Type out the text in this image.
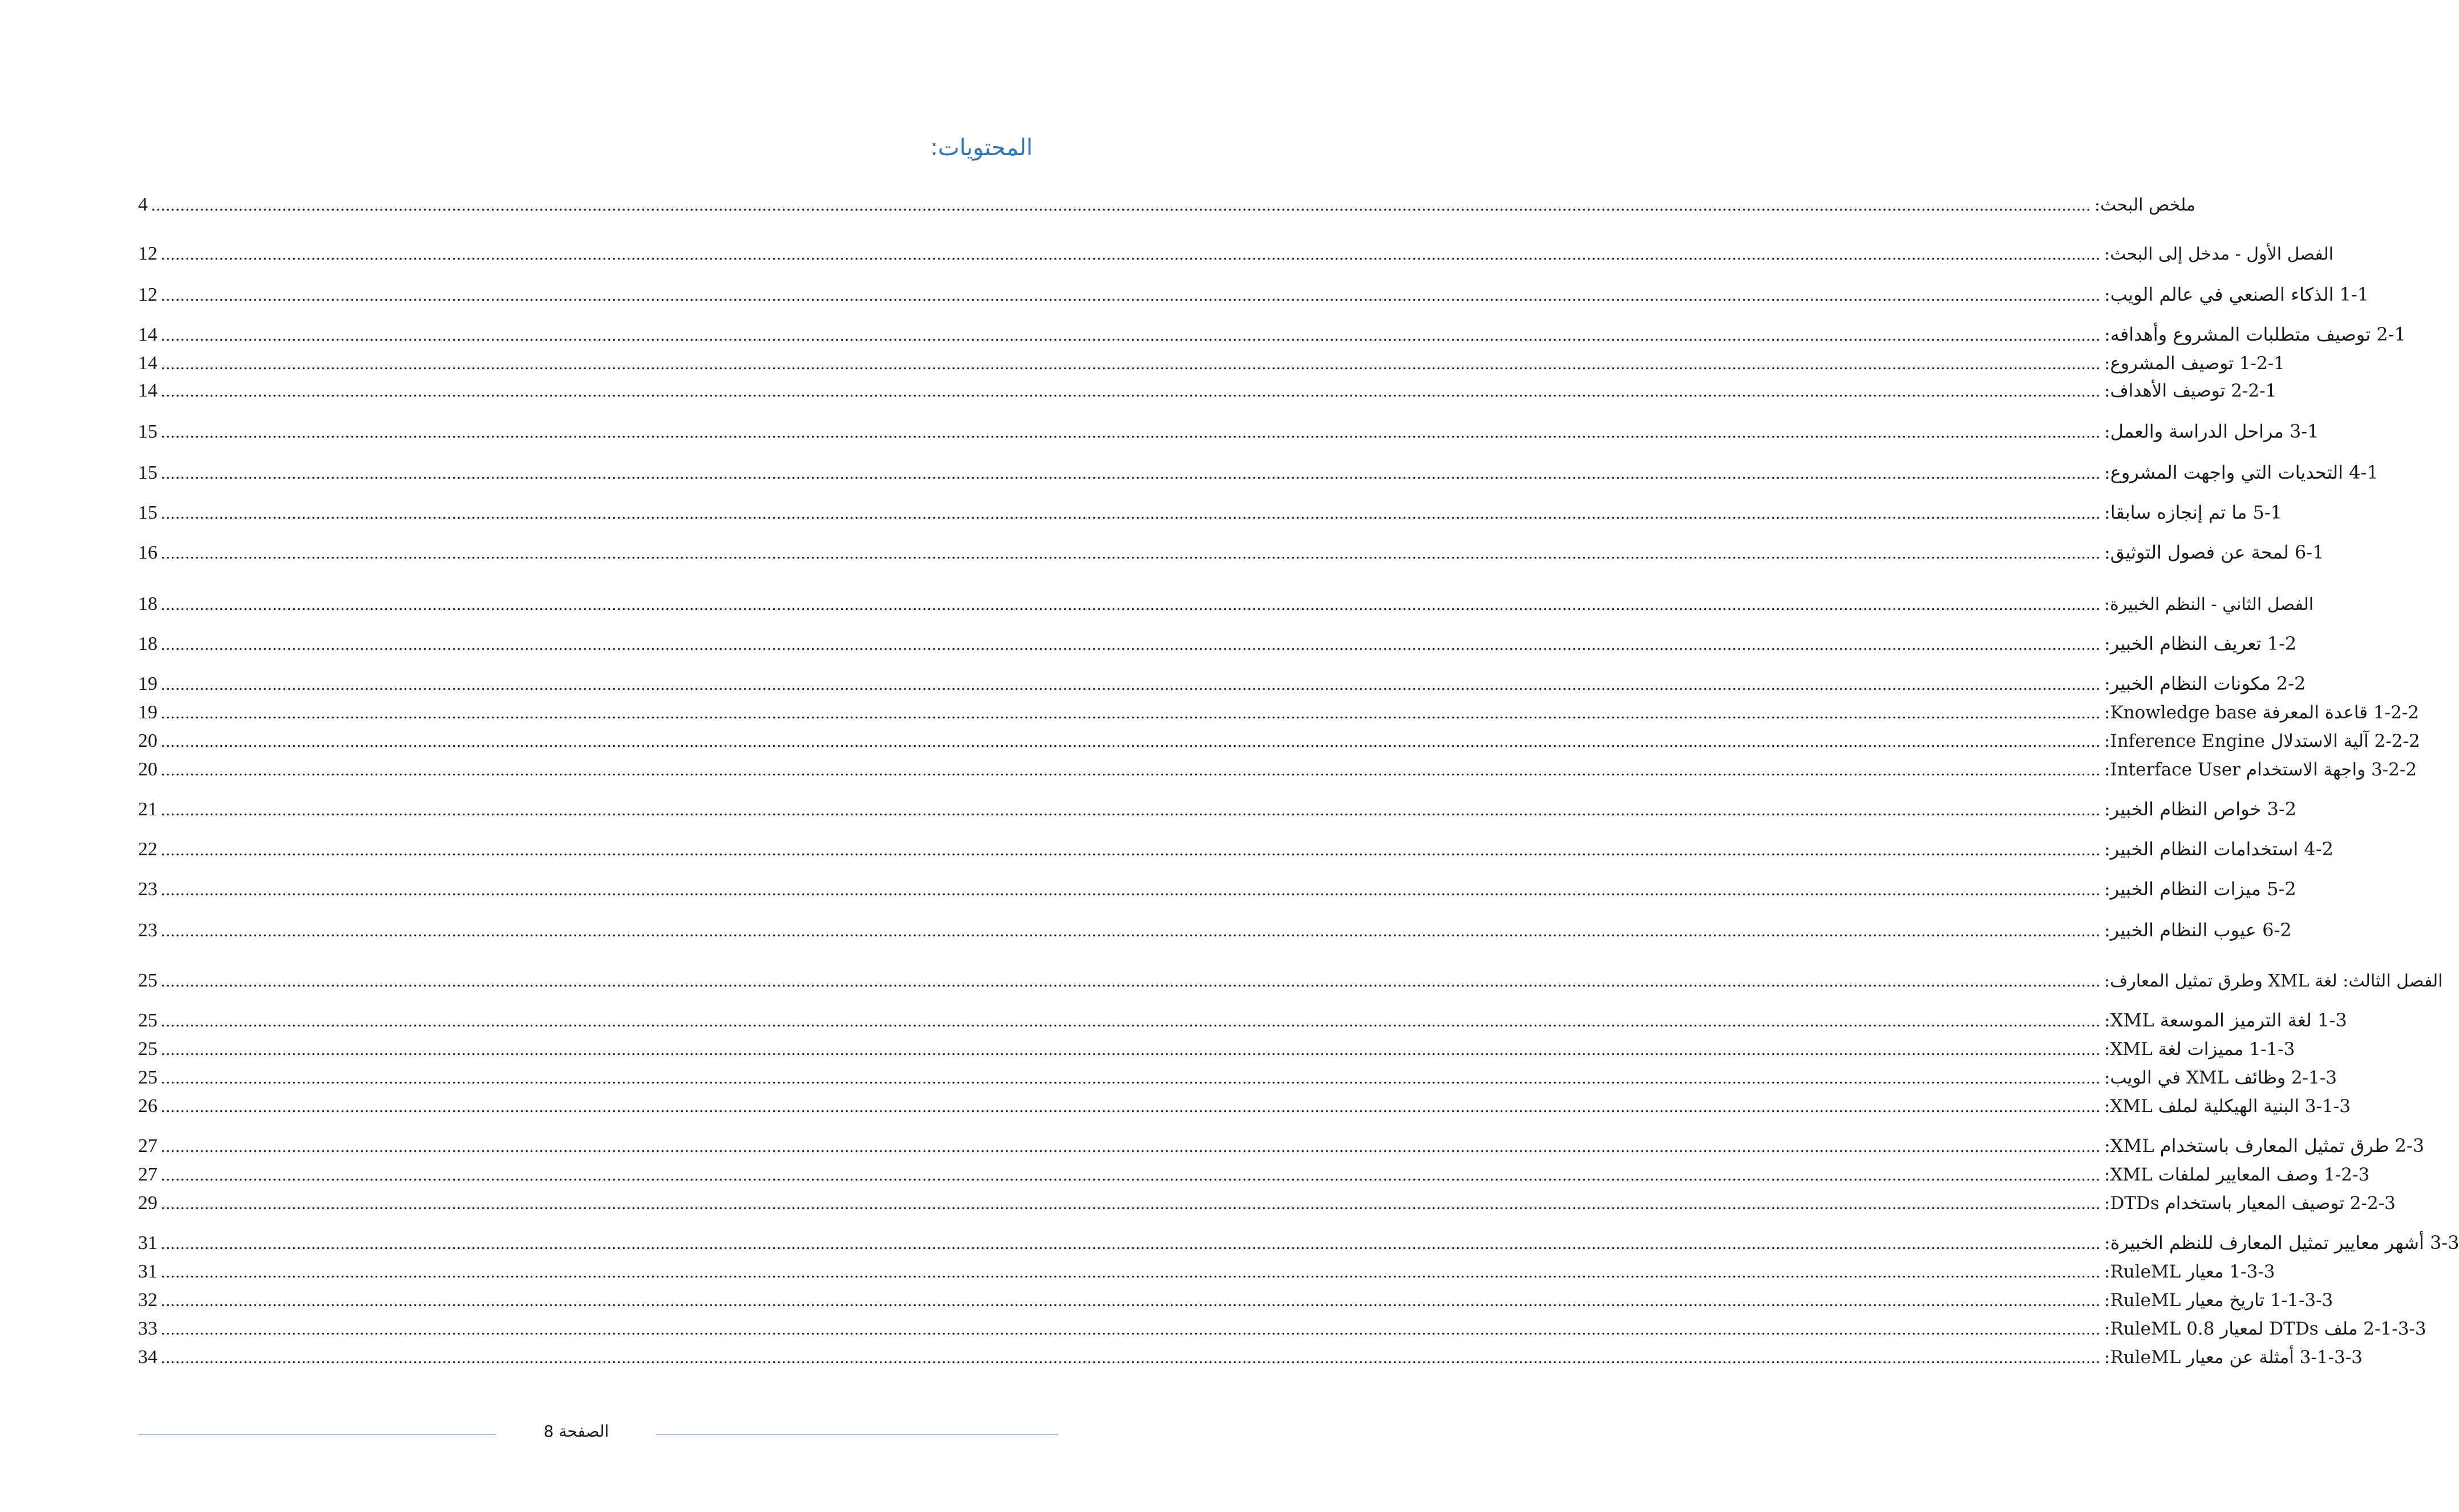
المحتويات:
4 ................................................................................................................................................................................................................................................................................................................................................................................................................ ملخص البحث:
12 ................................................................................................................................................................................................................................................................................................................................................................................................................ الفصل الأول - مدخل إلى البحث:
12 ................................................................................................................................................................................................................................................................................................................................................................................................................ 1-1 الذكاء الصنعي في عالم الويب:
14 ................................................................................................................................................................................................................................................................................................................................................................................................................ 2-1 توصيف متطلبات المشروع وأهدافه:
14 ................................................................................................................................................................................................................................................................................................................................................................................................................ 1-2-1 توصيف المشروع:
14 ................................................................................................................................................................................................................................................................................................................................................................................................................ 2-2-1 توصيف الأهداف:
15 ................................................................................................................................................................................................................................................................................................................................................................................................................ 3-1 مراحل الدراسة والعمل:
15 ................................................................................................................................................................................................................................................................................................................................................................................................................ 4-1 التحديات التي واجهت المشروع:
15 ................................................................................................................................................................................................................................................................................................................................................................................................................ 5-1 ما تم إنجازه سابقا:
16 ................................................................................................................................................................................................................................................................................................................................................................................................................ 6-1 لمحة عن فصول التوثيق:
18 ................................................................................................................................................................................................................................................................................................................................................................................................................ الفصل الثاني - النظم الخبيرة:
18 ................................................................................................................................................................................................................................................................................................................................................................................................................ 1-2 تعريف النظام الخبير:
19 ................................................................................................................................................................................................................................................................................................................................................................................................................ 2-2 مكونات النظام الخبير:
19 ................................................................................................................................................................................................................................................................................................................................................................................................................ 1-2-2 قاعدة المعرفة Knowledge base:
20 ................................................................................................................................................................................................................................................................................................................................................................................................................ 2-2-2 آلية الاستدلال Inference Engine:
20 ................................................................................................................................................................................................................................................................................................................................................................................................................ 3-2-2 واجهة الاستخدام Interface User:
21 ................................................................................................................................................................................................................................................................................................................................................................................................................ 3-2 خواص النظام الخبير:
22 ................................................................................................................................................................................................................................................................................................................................................................................................................ 4-2 استخدامات النظام الخبير:
23 ................................................................................................................................................................................................................................................................................................................................................................................................................ 5-2 ميزات النظام الخبير:
23 ................................................................................................................................................................................................................................................................................................................................................................................................................ 6-2 عيوب النظام الخبير:
25 ................................................................................................................................................................................................................................................................................................................................................................................................................ الفصل الثالث: لغة XML وطرق تمثيل المعارف:
25 ................................................................................................................................................................................................................................................................................................................................................................................................................ 1-3 لغة الترميز الموسعة XML:
25 ................................................................................................................................................................................................................................................................................................................................................................................................................ 1-1-3 مميزات لغة XML:
25 ................................................................................................................................................................................................................................................................................................................................................................................................................ 2-1-3 وظائف XML في الويب:
26 ................................................................................................................................................................................................................................................................................................................................................................................................................ 3-1-3 البنية الهيكلية لملف XML:
27 ................................................................................................................................................................................................................................................................................................................................................................................................................ 2-3 طرق تمثيل المعارف باستخدام XML:
27 ................................................................................................................................................................................................................................................................................................................................................................................................................ 1-2-3 وصف المعايير لملفات XML:
29 ................................................................................................................................................................................................................................................................................................................................................................................................................ 2-2-3 توصيف المعيار باستخدام DTDs:
31 ................................................................................................................................................................................................................................................................................................................................................................................................................ 3-3 أشهر معايير تمثيل المعارف للنظم الخبيرة:
31 ................................................................................................................................................................................................................................................................................................................................................................................................................ 1-3-3 معيار RuleML:
32 ................................................................................................................................................................................................................................................................................................................................................................................................................ 1-1-3-3 تاريخ معيار RuleML:
33 ................................................................................................................................................................................................................................................................................................................................................................................................................ 2-1-3-3 ملف DTDs لمعيار RuleML 0.8:
34 ................................................................................................................................................................................................................................................................................................................................................................................................................ 3-1-3-3 أمثلة عن معيار RuleML:
الصفحة 8
